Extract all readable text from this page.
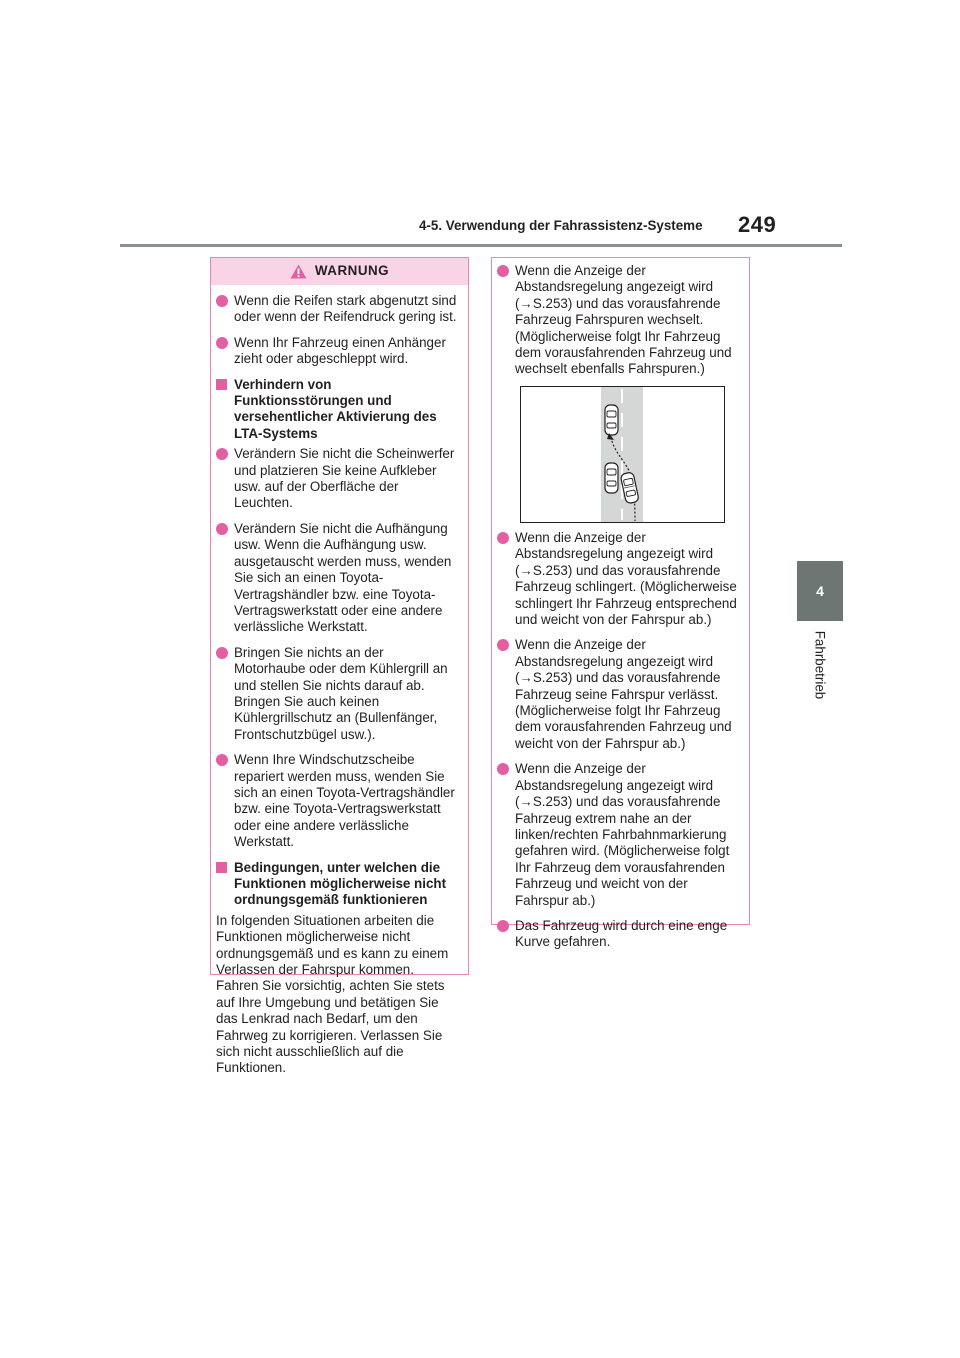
4-5. Verwendung der Fahrassistenz-Systeme 249
4
Fahrbetrieb
WARNUNG
Wenn die Reifen stark abgenutzt sind oder wenn der Reifendruck gering ist.
Wenn Ihr Fahrzeug einen Anhänger zieht oder abgeschleppt wird.
Verhindern von Funktionsstörungen und versehentlicher Aktivierung des LTA-Systems
Verändern Sie nicht die Scheinwerfer und platzieren Sie keine Aufkleber usw. auf der Oberfläche der Leuchten.
Verändern Sie nicht die Aufhängung usw. Wenn die Aufhängung usw. ausgetauscht werden muss, wenden Sie sich an einen Toyota-Vertragshändler bzw. eine Toyota-Vertragswerkstatt oder eine andere verlässliche Werkstatt.
Bringen Sie nichts an der Motorhaube oder dem Kühlergrill an und stellen Sie nichts darauf ab. Bringen Sie auch keinen Kühlergrillschutz an (Bullenfänger, Frontschutzbügel usw.).
Wenn Ihre Windschutzscheibe repariert werden muss, wenden Sie sich an einen Toyota-Vertragshändler bzw. eine Toyota-Vertragswerkstatt oder eine andere verlässliche Werkstatt.
Bedingungen, unter welchen die Funktionen möglicherweise nicht ordnungsgemäß funktionieren
In folgenden Situationen arbeiten die Funktionen möglicherweise nicht ordnungsgemäß und es kann zu einem Verlassen der Fahrspur kommen. Fahren Sie vorsichtig, achten Sie stets auf Ihre Umgebung und betätigen Sie das Lenkrad nach Bedarf, um den Fahrweg zu korrigieren. Verlassen Sie sich nicht ausschließlich auf die Funktionen.
Wenn die Anzeige der Abstandsregelung angezeigt wird (→S.253) und das vorausfahrende Fahrzeug Fahrspuren wechselt. (Möglicherweise folgt Ihr Fahrzeug dem vorausfahrenden Fahrzeug und wechselt ebenfalls Fahrspuren.)
Wenn die Anzeige der Abstandsregelung angezeigt wird (→S.253) und das vorausfahrende Fahrzeug schlingert. (Möglicherweise schlingert Ihr Fahrzeug entsprechend und weicht von der Fahrspur ab.)
Wenn die Anzeige der Abstandsregelung angezeigt wird (→S.253) und das vorausfahrende Fahrzeug seine Fahrspur verlässt. (Möglicherweise folgt Ihr Fahrzeug dem vorausfahrenden Fahrzeug und weicht von der Fahrspur ab.)
Wenn die Anzeige der Abstandsregelung angezeigt wird (→S.253) und das vorausfahrende Fahrzeug extrem nahe an der linken/rechten Fahrbahnmarkierung gefahren wird. (Möglicherweise folgt Ihr Fahrzeug dem vorausfahrenden Fahrzeug und weicht von der Fahrspur ab.)
Das Fahrzeug wird durch eine enge Kurve gefahren.
